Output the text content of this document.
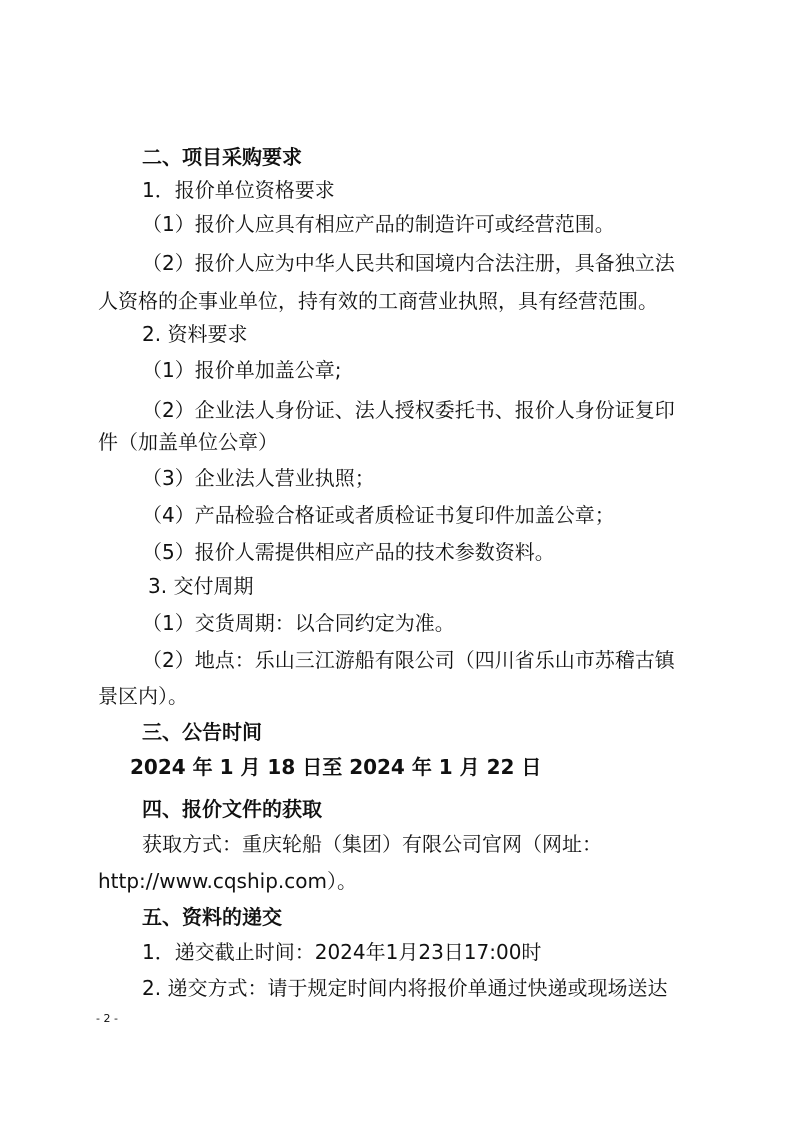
二、项目采购要求

1．报价单位资格要求

（1）报价人应具有相应产品的制造许可或经营范围。

（2）报价人应为中华人民共和国境内合法注册，具备独立法

人资格的企事业单位，持有效的工商营业执照，具有经营范围。

2. 资料要求

（1）报价单加盖公章;

（2）企业法人身份证、法人授权委托书、报价人身份证复印

件（加盖单位公章）

（3）企业法人营业执照；

（4）产品检验合格证或者质检证书复印件加盖公章；

（5）报价人需提供相应产品的技术参数资料。

3. 交付周期

（1）交货周期：以合同约定为准。

（2）地点：乐山三江游船有限公司（四川省乐山市苏稽古镇

景区内）。

三、公告时间

2024 年 1 月 18 日至 2024 年 1 月 22 日

四、报价文件的获取

获取方式：重庆轮船（集团）有限公司官网（网址：

http://www.cqship.com）。

五、资料的递交

1．递交截止时间：2024年1月23日17:00时

2. 递交方式：请于规定时间内将报价单通过快递或现场送达

- 2 -
